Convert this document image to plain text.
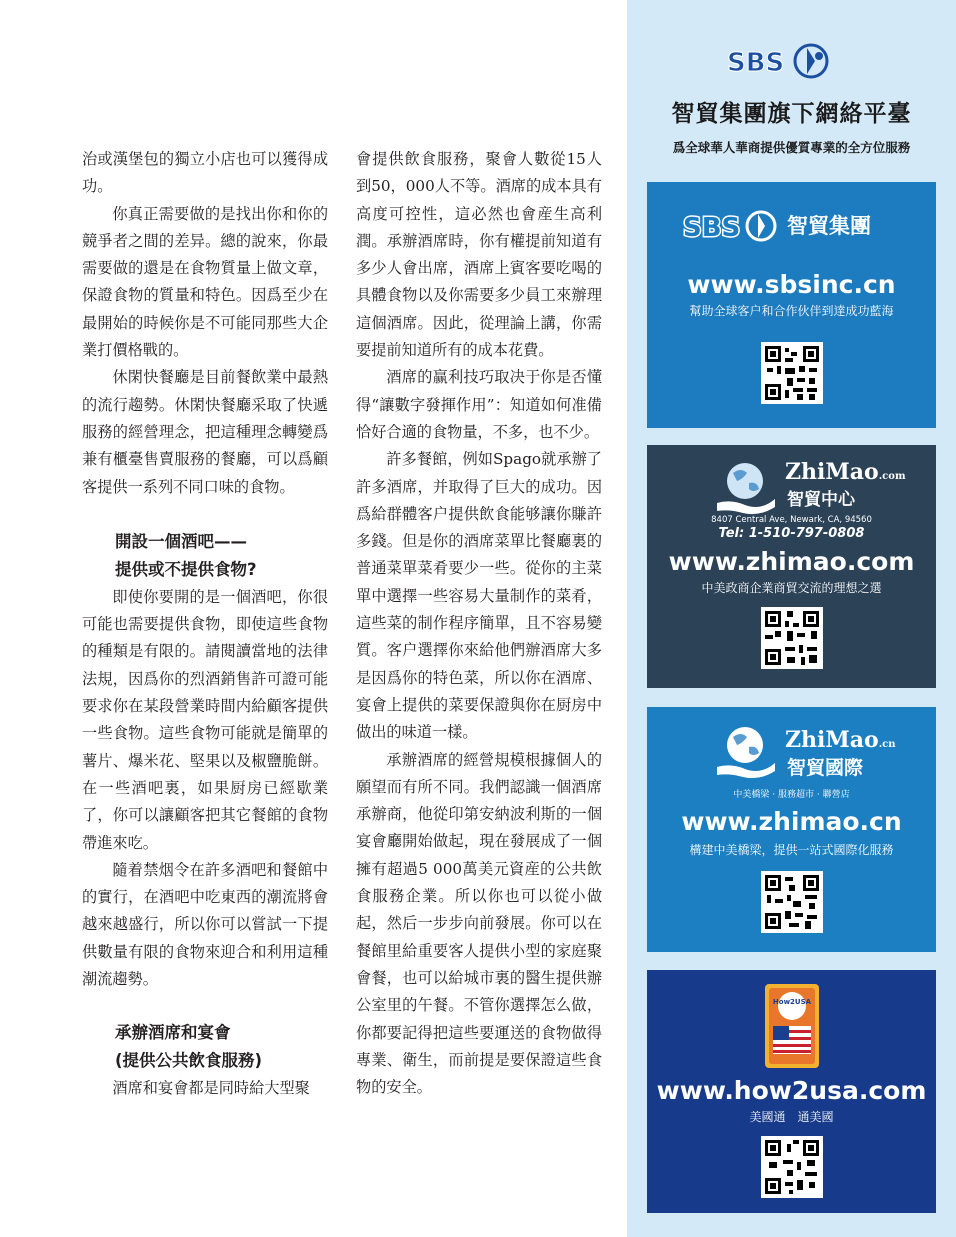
治或漢堡包的獨立小店也可以獲得成功。

你真正需要做的是找出你和你的競爭者之間的差异。總的說來，你最需要做的還是在食物質量上做文章，保證食物的質量和特色。因爲至少在最開始的時候你是不可能同那些大企業打價格戰的。

休閑快餐廳是目前餐飲業中最熱的流行趨勢。休閑快餐廳采取了快遞服務的經營理念，把這種理念轉變爲兼有櫃臺售賣服務的餐廳，可以爲顧客提供一系列不同口味的食物。

開設一個酒吧——

提供或不提供食物?

即使你要開的是一個酒吧，你很可能也需要提供食物，即使這些食物的種類是有限的。請閱讀當地的法律法規，因爲你的烈酒銷售許可證可能要求你在某段營業時間内給顧客提供一些食物。這些食物可能就是簡單的薯片、爆米花、堅果以及椒鹽脆餅。在一些酒吧裏，如果厨房已經歇業了，你可以讓顧客把其它餐館的食物帶進來吃。

隨着禁烟令在許多酒吧和餐館中的實行，在酒吧中吃東西的潮流將會越來越盛行，所以你可以嘗試一下提供數量有限的食物來迎合和利用這種潮流趨勢。

承辦酒席和宴會

(提供公共飲食服務)

酒席和宴會都是同時給大型聚

會提供飲食服務，聚會人數從15人到50，000人不等。酒席的成本具有高度可控性，這必然也會産生高利潤。承辦酒席時，你有權提前知道有多少人會出席，酒席上賓客要吃喝的具體食物以及你需要多少員工來辦理這個酒席。因此，從理論上講，你需要提前知道所有的成本花費。

酒席的赢利技巧取决于你是否懂得“讓數字發揮作用”：知道如何准備恰好合適的食物量，不多，也不少。

許多餐館，例如Spago就承辦了許多酒席，并取得了巨大的成功。因爲給群體客户提供飲食能够讓你賺許多錢。但是你的酒席菜單比餐廳裏的普通菜單菜肴要少一些。從你的主菜單中選擇一些容易大量制作的菜肴，這些菜的制作程序簡單，且不容易變質。客户選擇你來給他們辦酒席大多是因爲你的特色菜，所以你在酒席、宴會上提供的菜要保證與你在厨房中做出的味道一樣。

承辦酒席的經營規模根據個人的願望而有所不同。我們認識一個酒席承辦商，他從印第安納波利斯的一個宴會廳開始做起，現在發展成了一個擁有超過5 000萬美元資産的公共飲食服務企業。所以你也可以從小做起，然后一步步向前發展。你可以在餐館里給重要客人提供小型的家庭聚會餐，也可以給城市裏的醫生提供辦公室里的午餐。不管你選擇怎么做，你都要記得把這些要運送的食物做得專業、衛生，而前提是要保證這些食物的安全。

SBS
智貿集團旗下網絡平臺
爲全球華人華商提供優質專業的全方位服務
SBS 智貿集團
www.sbsinc.cn
幫助全球客户和合作伙伴到達成功藍海
ZhiMao.com
智貿中心
8407 Central Ave, Newark, CA, 94560
Tel: 1-510-797-0808
www.zhimao.com
中美政商企業商貿交流的理想之選
ZhiMao.cn
智貿國際
中美橋梁 · 服務超市 · 聯營店
www.zhimao.cn
構建中美橋梁，提供一站式國際化服務
How2USA
www.how2usa.com
美國通　通美國
